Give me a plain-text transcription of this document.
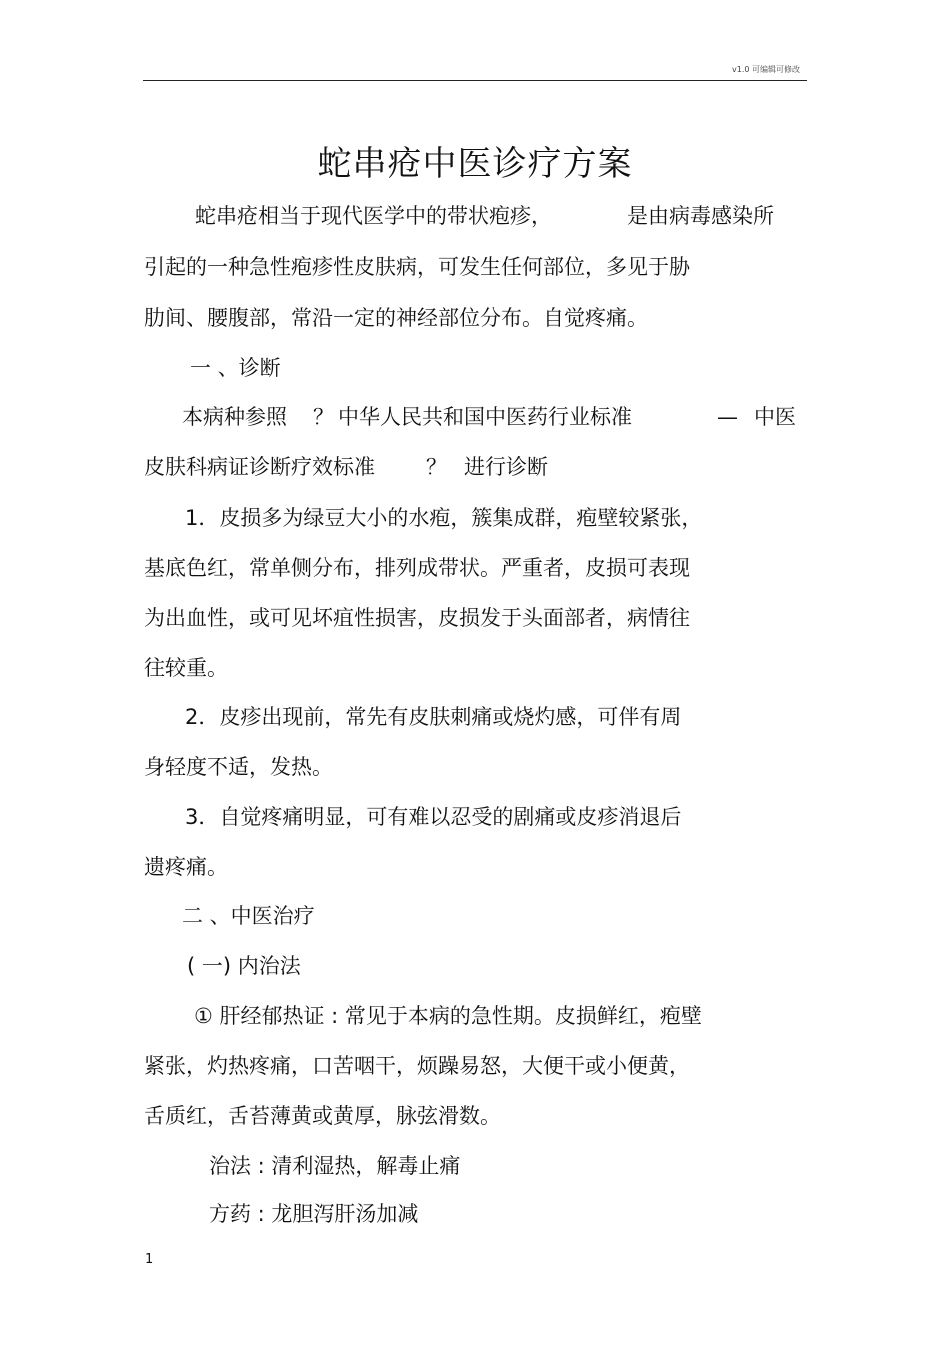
v1.0 可编辑可修改
蛇串疮中医诊疗方案
蛇串疮相当于现代医学中的带状疱疹，	是由病毒感染所
引起的一种急性疱疹性皮肤病，可发生任何部位，多见于胁
肋间、腰腹部，常沿一定的神经部位分布。自觉疼痛。
一 、诊断
本病种参照 ？ 中华人民共和国中医药行业标准	— 中医
皮肤科病证诊断疗效标准 ？ 进行诊断
1．皮损多为绿豆大小的水疱，簇集成群，疱壁较紧张，
基底色红，常单侧分布，排列成带状。严重者，皮损可表现
为出血性，或可见坏疽性损害，皮损发于头面部者，病情往
往较重。
2．皮疹出现前，常先有皮肤刺痛或烧灼感，可伴有周
身轻度不适，发热。
3．自觉疼痛明显，可有难以忍受的剧痛或皮疹消退后
遗疼痛。
二 、中医治疗
( 一) 内治法
① 肝经郁热证 : 常见于本病的急性期。皮损鲜红，疱壁
紧张，灼热疼痛，口苦咽干，烦躁易怒，大便干或小便黄，
舌质红，舌苔薄黄或黄厚，脉弦滑数。
治法 : 清利湿热，解毒止痛
方药 : 龙胆泻肝汤加减
1
